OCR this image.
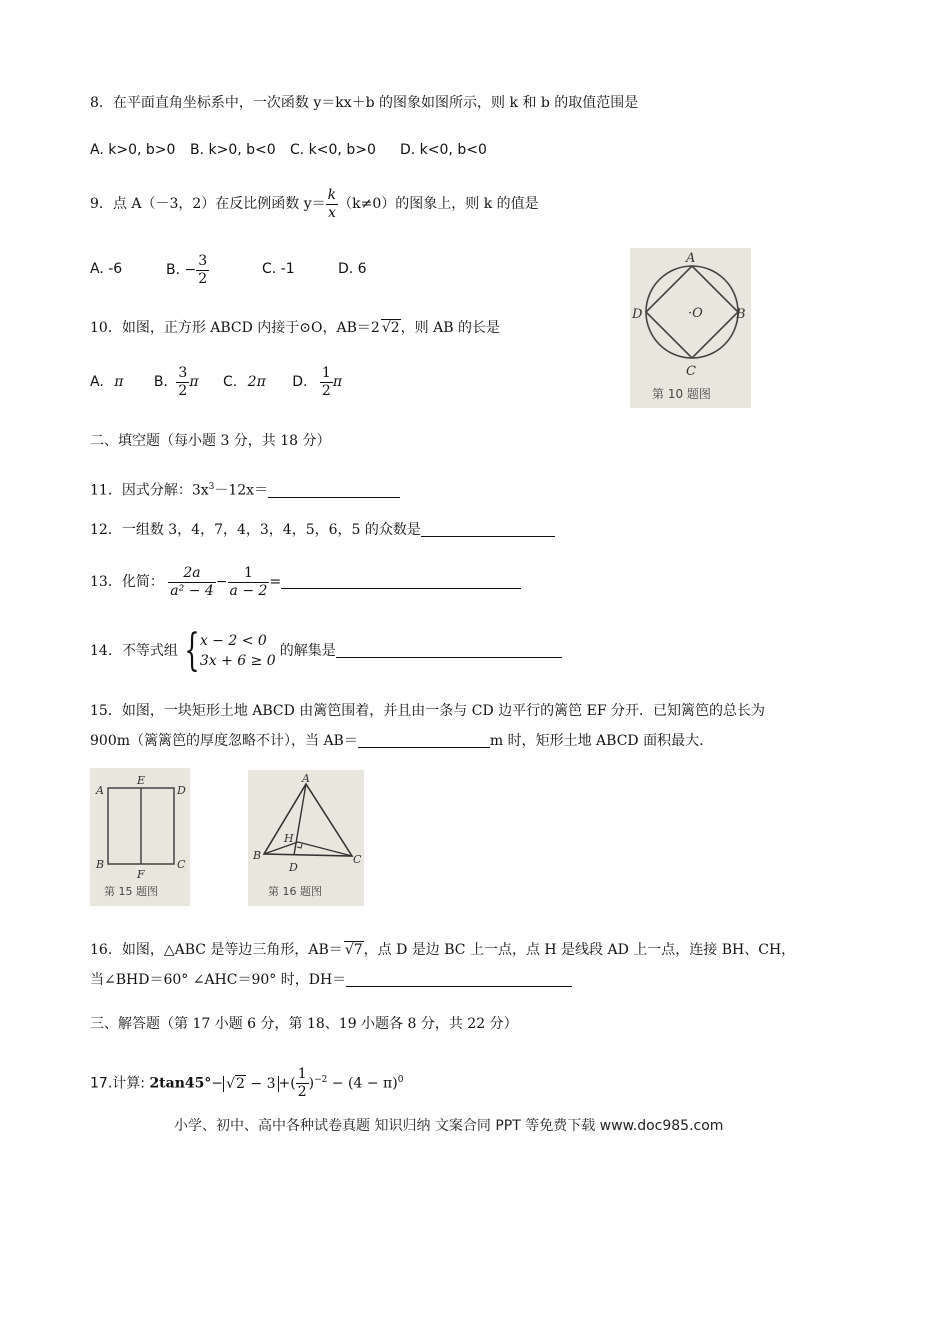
8．在平面直角坐标系中，一次函数 y＝kx＋b 的图象如图所示，则 k 和 b 的取值范围是
A. k>0, b>0 B. k>0, b<0 C. k<0, b>0 D. k<0, b<0
9．点 A（－3，2）在反比例函数 $y= \frac{k}{x} (k\ne 0)$的图象上，则 k 的值是
A. -6	B. − $\frac{3}{2}$	C. -1	D. 6
A
B
C
D	·O
第 10 题图
10．如图，正方形 ABCD 内接于⊙O，AB＝2 √2，则 AB 的长是
A. π B. $\frac{3}{2}$ π C. 2π D. $\frac{1}{2}$ π
二、填空题（每小题 3 分，共 18 分）
11．因式分解：$3x^3-12x=$
12．一组数 3，4，7，4，3，4，5，6，5 的众数是
13．化简： $\frac{2a}{\text{a² − 4}} - \frac{1}{a - 2}$ =
14．不等式组 { x − 2 < 0
3x + 6 ≥ 0
的解集是
15．如图，一块矩形土地 ABCD 由篱笆围着，并且由一条与 CD 边平行的篱笆 EF 分开．已知篱笆的总长为
900m（篱篱笆的厚度忽略不计），当 AB＝	m 时，矩形土地 ABCD 面积最大.
A
E
D
B
F
C
第 15 题图
A
H
B
D
C
第 16 题图
16．如图，△ABC 是等边三角形，AB＝ √7，点 D 是边 BC 上一点，点 H 是线段 AD 上一点，连接 BH、CH，
当∠BHD＝60° ∠AHC＝90° 时，DH＝
三、解答题（第 17 小题 6 分，第 18、19 小题各 8 分，共 22 分）
17.计算: 2tan45°− √2 − 3 +( $\frac{1}{2} )^{-2} - (4 - \pi)^0$
小学、初中、高中各种试卷真题 知识归纳 文案合同 PPT 等免费下载 www.doc985.com
